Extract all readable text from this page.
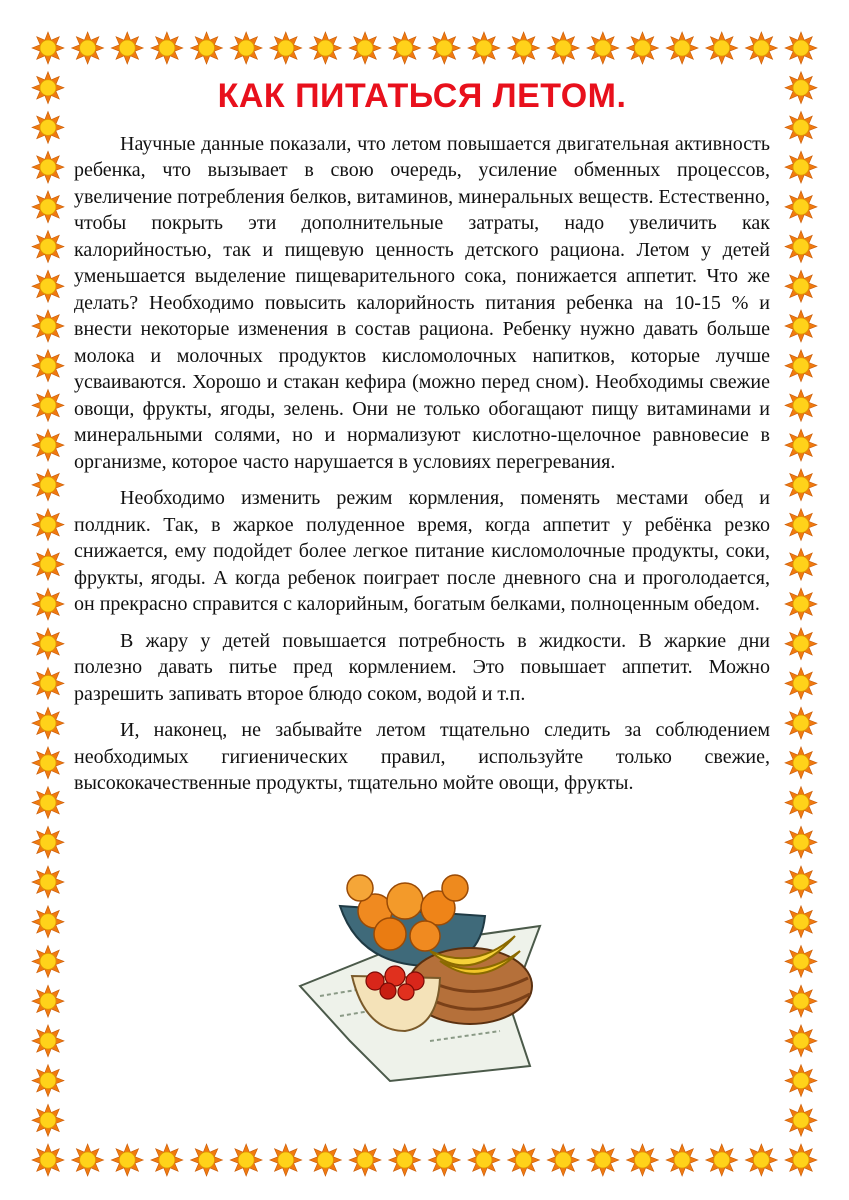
КАК ПИТАТЬСЯ ЛЕТОМ.

Научные данные показали, что летом повышается двигательная активность ребенка, что вызывает в свою очередь, усиление обменных процессов, увеличение потребления белков, витаминов, минеральных веществ. Естественно, чтобы покрыть эти дополнительные затраты, надо увеличить как калорийностью, так и пищевую ценность детского рациона. Летом у детей уменьшается выделение пищеварительного сока, понижается аппетит. Что же делать? Необходимо повысить калорийность питания ребенка на 10-15 % и внести некоторые изменения в состав рациона. Ребенку нужно давать больше молока и молочных продуктов кисломолочных напитков, которые лучше усваиваются. Хорошо и стакан кефира (можно перед сном). Необходимы свежие овощи, фрукты, ягоды, зелень. Они не только обогащают пищу витаминами и минеральными солями, но и нормализуют кислотно-щелочное равновесие в организме, которое часто нарушается в условиях перегревания.

Необходимо изменить режим кормления, поменять местами обед и полдник. Так, в жаркое полуденное время, когда аппетит у ребёнка резко снижается, ему подойдет более легкое питание кисломолочные продукты, соки, фрукты, ягоды. А когда ребенок поиграет после дневного сна и проголодается, он прекрасно справится с калорийным, богатым белками, полноценным обедом.

В жару у детей повышается потребность в жидкости. В жаркие дни полезно давать питье пред кормлением. Это повышает аппетит. Можно разрешить запивать второе блюдо соком, водой и т.п.

И, наконец, не забывайте летом тщательно следить за соблюдением необходимых гигиенических правил, используйте только свежие, высококачественные продукты, тщательно мойте овощи, фрукты.
